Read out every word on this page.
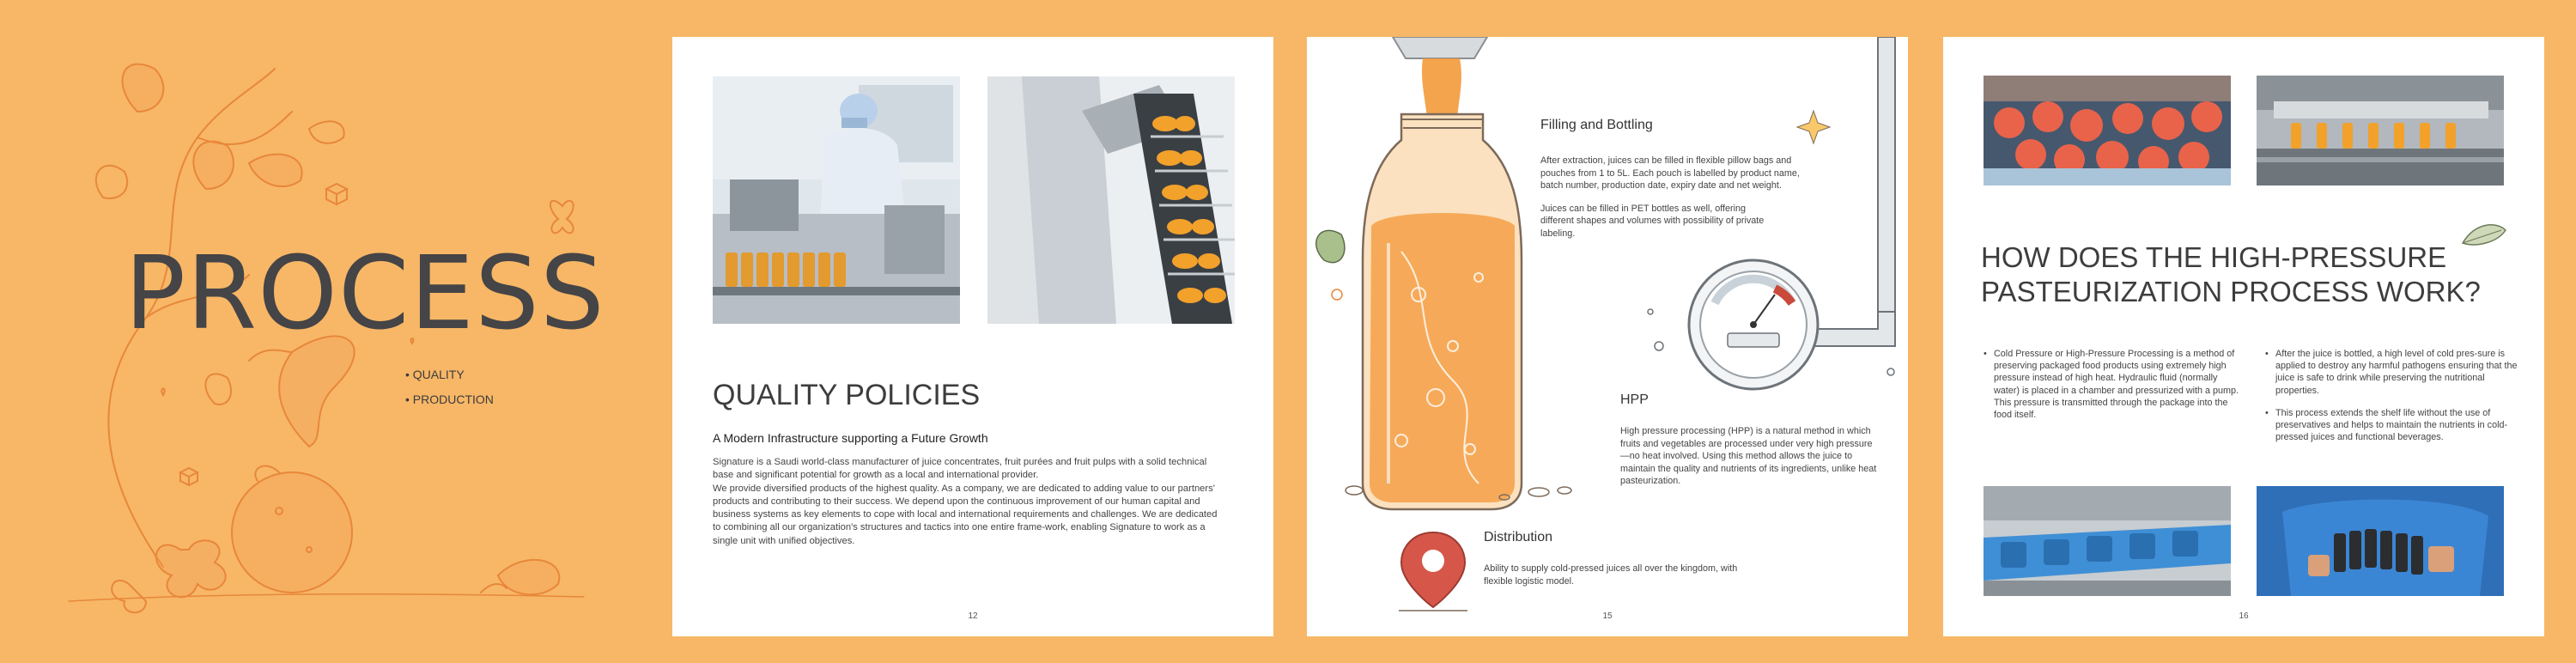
PROCESS
• QUALITY
• PRODUCTION	QUALITY POLICIES
A Modern Infrastructure supporting a Future Growth

Signature is a Saudi world-class manufacturer of juice concentrates, fruit purées and fruit pulps with a solid technical base and significant potential for growth as a local and international provider.

We provide diversified products of the highest quality. As a company, we are dedicated to adding value to our partners' products and contributing to their success. We depend upon the continuous improvement of our human capital and business systems as key elements to cope with local and international requirements and challenges. We are dedicated to combining all our organization's structures and tactics into one entire frame-work, enabling Signature to work as a single unit with unified objectives.

12
Filling and Bottling

After extraction, juices can be filled in flexible pillow bags and pouches from 1 to 5L. Each pouch is labelled by product name, batch number, production date, expiry date and net weight.

Juices can be filled in PET bottles as well, offering different shapes and volumes with possibility of private labeling.

HPP
High pressure processing (HPP) is a natural method in which fruits and vegetables are processed under very high pressure—no heat involved. Using this method allows the juice to maintain the quality and nutrients of its ingredients, unlike heat pasteurization.
Distribution
Ability to supply cold-pressed juices all over the kingdom, with flexible logistic model.
15
HOW DOES THE HIGH-PRESSURE PASTEURIZATION PROCESS WORK?
• Cold Pressure or High-Pressure Processing is a method of preserving packaged food products using extremely high pressure instead of high heat. Hydraulic fluid (normally water) is placed in a chamber and pressurized with a pump. This pressure is transmitted through the package into the food itself.
• After the juice is bottled, a high level of cold pres-sure is applied to destroy any harmful pathogens ensuring that the juice is safe to drink while preserving the nutritional properties.
• This process extends the shelf life without the use of preservatives and helps to maintain the nutrients in cold-pressed juices and functional beverages.
16
